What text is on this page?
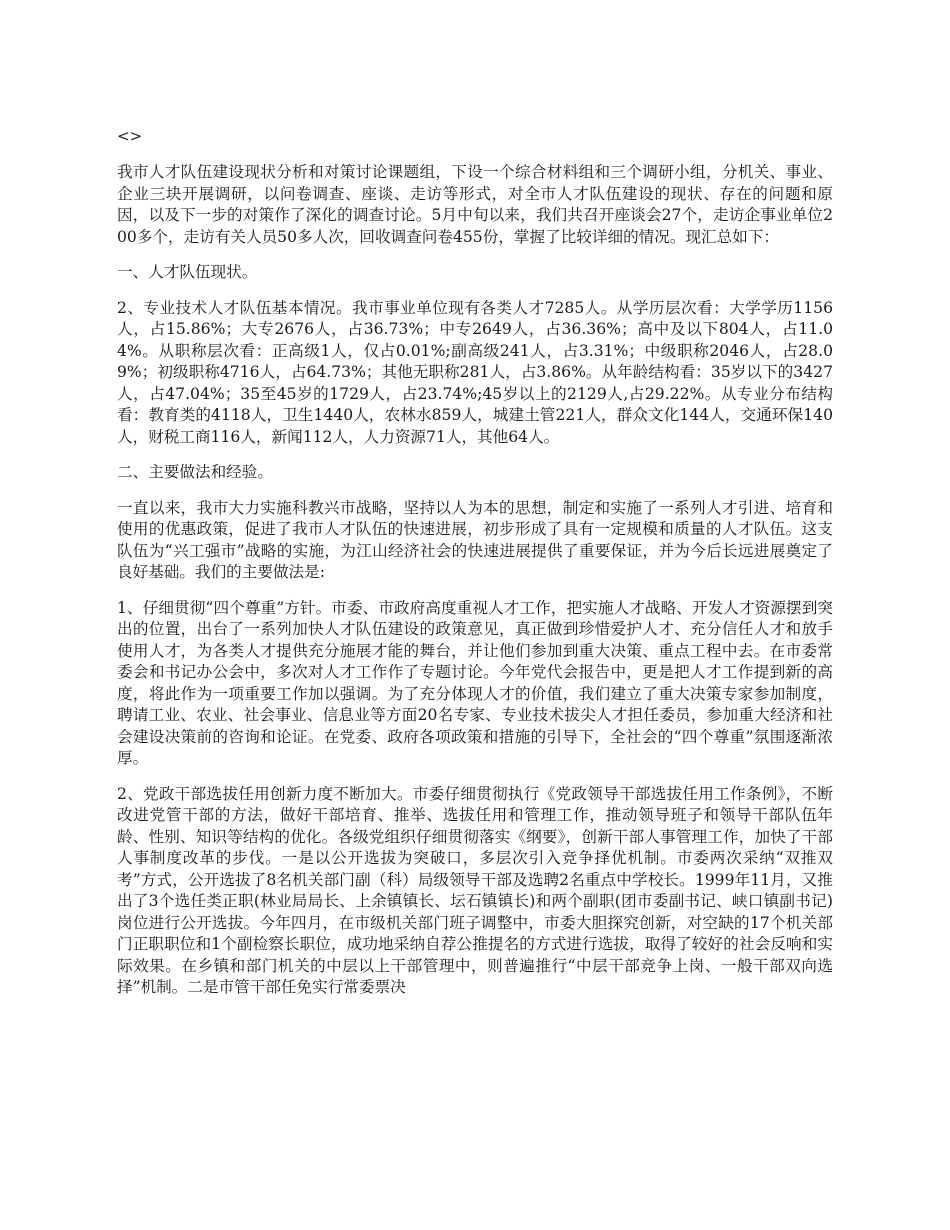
<>

我市人才队伍建设现状分析和对策讨论课题组，下设一个综合材料组和三个调研小组，分机关、事业、企业三块开展调研，以问卷调查、座谈、走访等形式，对全市人才队伍建设的现状、存在的问题和原因，以及下一步的对策作了深化的调查讨论。5月中旬以来，我们共召开座谈会27个，走访企事业单位200多个，走访有关人员50多人次，回收调查问卷455份，掌握了比较详细的情况。现汇总如下：

一、人才队伍现状。

2、专业技术人才队伍基本情况。我市事业单位现有各类人才7285人。从学历层次看：大学学历1156人，占15.86%；大专2676人，占36.73%；中专2649人，占36.36%；高中及以下804人，占11.04%。从职称层次看：正高级1人，仅占0.01%;副高级241人，占3.31%；中级职称2046人，占28.09%；初级职称4716人，占64.73%；其他无职称281人，占3.86%。从年龄结构看：35岁以下的3427人，占47.04%；35至45岁的1729人，占23.74%;45岁以上的2129人,占29.22%。从专业分布结构看：教育类的4118人，卫生1440人，农林水859人，城建土管221人，群众文化144人，交通环保140人，财税工商116人，新闻112人，人力资源71人，其他64人。

二、主要做法和经验。

一直以来，我市大力实施科教兴市战略，坚持以人为本的思想，制定和实施了一系列人才引进、培育和使用的优惠政策，促进了我市人才队伍的快速进展，初步形成了具有一定规模和质量的人才队伍。这支队伍为“兴工强市”战略的实施，为江山经济社会的快速进展提供了重要保证，并为今后长远进展奠定了良好基础。我们的主要做法是:

1、仔细贯彻“四个尊重”方针。市委、市政府高度重视人才工作，把实施人才战略、开发人才资源摆到突出的位置，出台了一系列加快人才队伍建设的政策意见，真正做到珍惜爱护人才、充分信任人才和放手使用人才，为各类人才提供充分施展才能的舞台，并让他们参加到重大决策、重点工程中去。在市委常委会和书记办公会中，多次对人才工作作了专题讨论。今年党代会报告中，更是把人才工作提到新的高度，将此作为一项重要工作加以强调。为了充分体现人才的价值，我们建立了重大决策专家参加制度，聘请工业、农业、社会事业、信息业等方面20名专家、专业技术拔尖人才担任委员，参加重大经济和社会建设决策前的咨询和论证。在党委、政府各项政策和措施的引导下，全社会的“四个尊重”氛围逐渐浓厚。

2、党政干部选拔任用创新力度不断加大。市委仔细贯彻执行《党政领导干部选拔任用工作条例》，不断改进党管干部的方法，做好干部培育、推举、选拔任用和管理工作，推动领导班子和领导干部队伍年龄、性别、知识等结构的优化。各级党组织仔细贯彻落实《纲要》，创新干部人事管理工作，加快了干部人事制度改革的步伐。一是以公开选拔为突破口，多层次引入竞争择优机制。市委两次采纳“双推双考”方式，公开选拔了8名机关部门副（科）局级领导干部及选聘2名重点中学校长。1999年11月，又推出了3个选任类正职(林业局局长、上余镇镇长、坛石镇镇长)和两个副职(团市委副书记、峡口镇副书记)岗位进行公开选拔。今年四月，在市级机关部门班子调整中，市委大胆探究创新，对空缺的17个机关部门正职职位和1个副检察长职位，成功地采纳自荐公推提名的方式进行选拔，取得了较好的社会反响和实际效果。在乡镇和部门机关的中层以上干部管理中，则普遍推行“中层干部竞争上岗、一般干部双向选择”机制。二是市管干部任免实行常委票决
